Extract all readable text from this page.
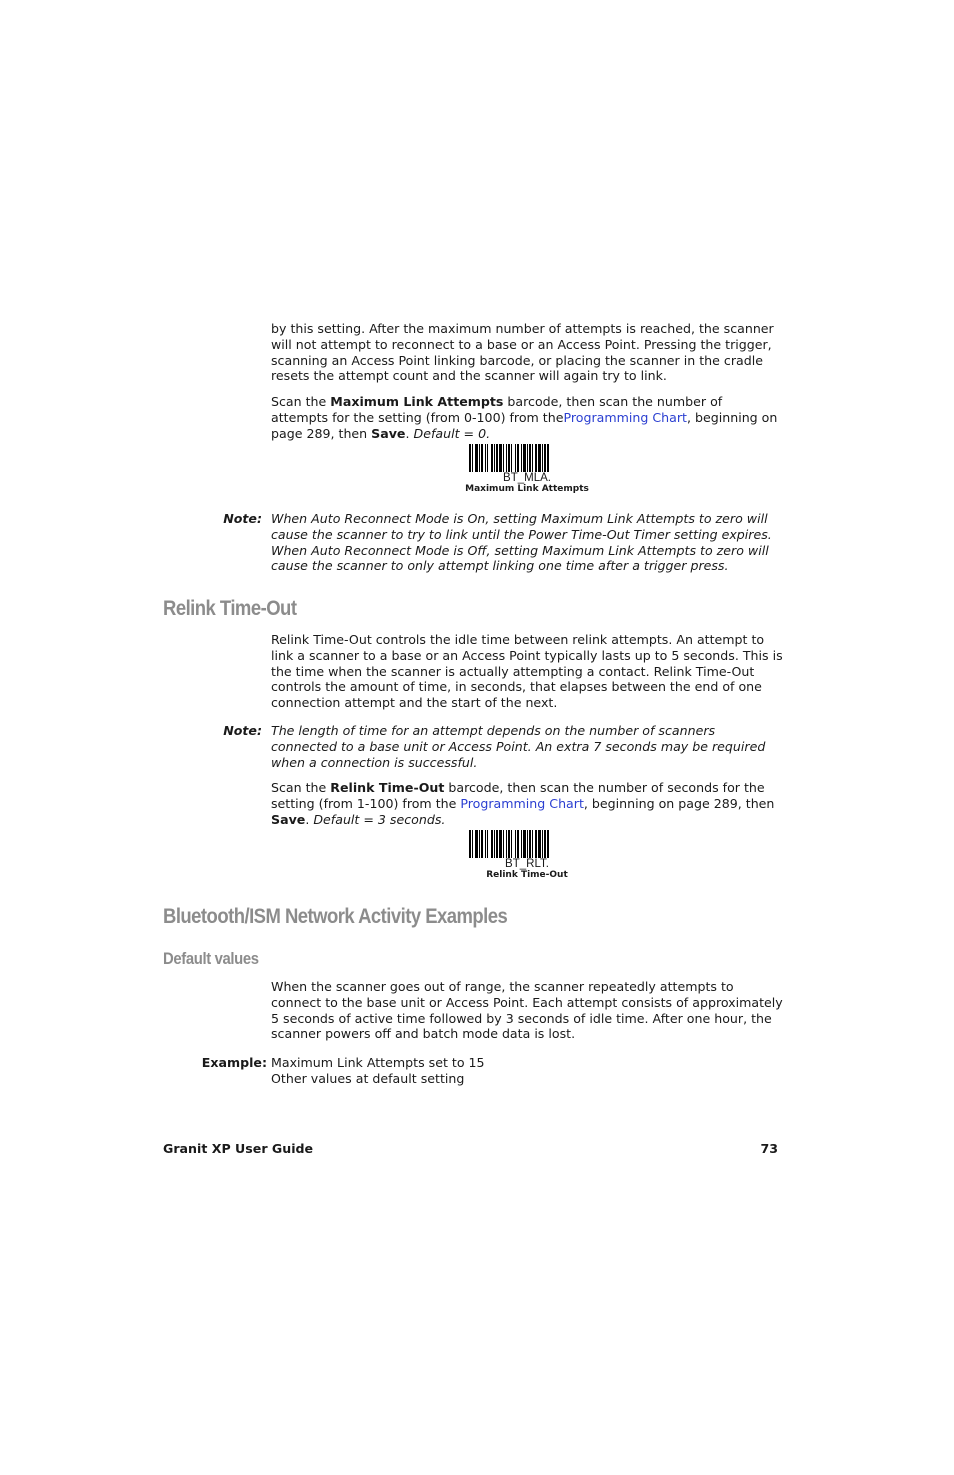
by this setting. After the maximum number of attempts is reached, the scanner will not attempt to reconnect to a base or an Access Point. Pressing the trigger, scanning an Access Point linking barcode, or placing the scanner in the cradle resets the attempt count and the scanner will again try to link.

Scan the Maximum Link Attempts barcode, then scan the number of attempts for the setting (from 0-100) from theProgramming Chart, beginning on page 289, then Save. Default = 0.

BT_MLA.
Maximum Link Attempts
Note: When Auto Reconnect Mode is On, setting Maximum Link Attempts to zero will cause the scanner to try to link until the Power Time-Out Timer setting expires. When Auto Reconnect Mode is Off, setting Maximum Link Attempts to zero will cause the scanner to only attempt linking one time after a trigger press.
Relink Time-Out

Relink Time-Out controls the idle time between relink attempts. An attempt to link a scanner to a base or an Access Point typically lasts up to 5 seconds. This is the time when the scanner is actually attempting a contact. Relink Time-Out controls the amount of time, in seconds, that elapses between the end of one connection attempt and the start of the next.

Note: The length of time for an attempt depends on the number of scanners connected to a base unit or Access Point. An extra 7 seconds may be required when a connection is successful.

Scan the Relink Time-Out barcode, then scan the number of seconds for the setting (from 1-100) from the Programming Chart, beginning on page 289, then Save. Default = 3 seconds.

BT_RLT.
Relink Time-Out
Bluetooth/ISM Network Activity Examples
Default values

When the scanner goes out of range, the scanner repeatedly attempts to connect to the base unit or Access Point. Each attempt consists of approximately 5 seconds of active time followed by 3 seconds of idle time. After one hour, the scanner powers off and batch mode data is lost.

Example: Maximum Link Attempts set to 15
Other values at default setting
Granit XP User Guide	73
